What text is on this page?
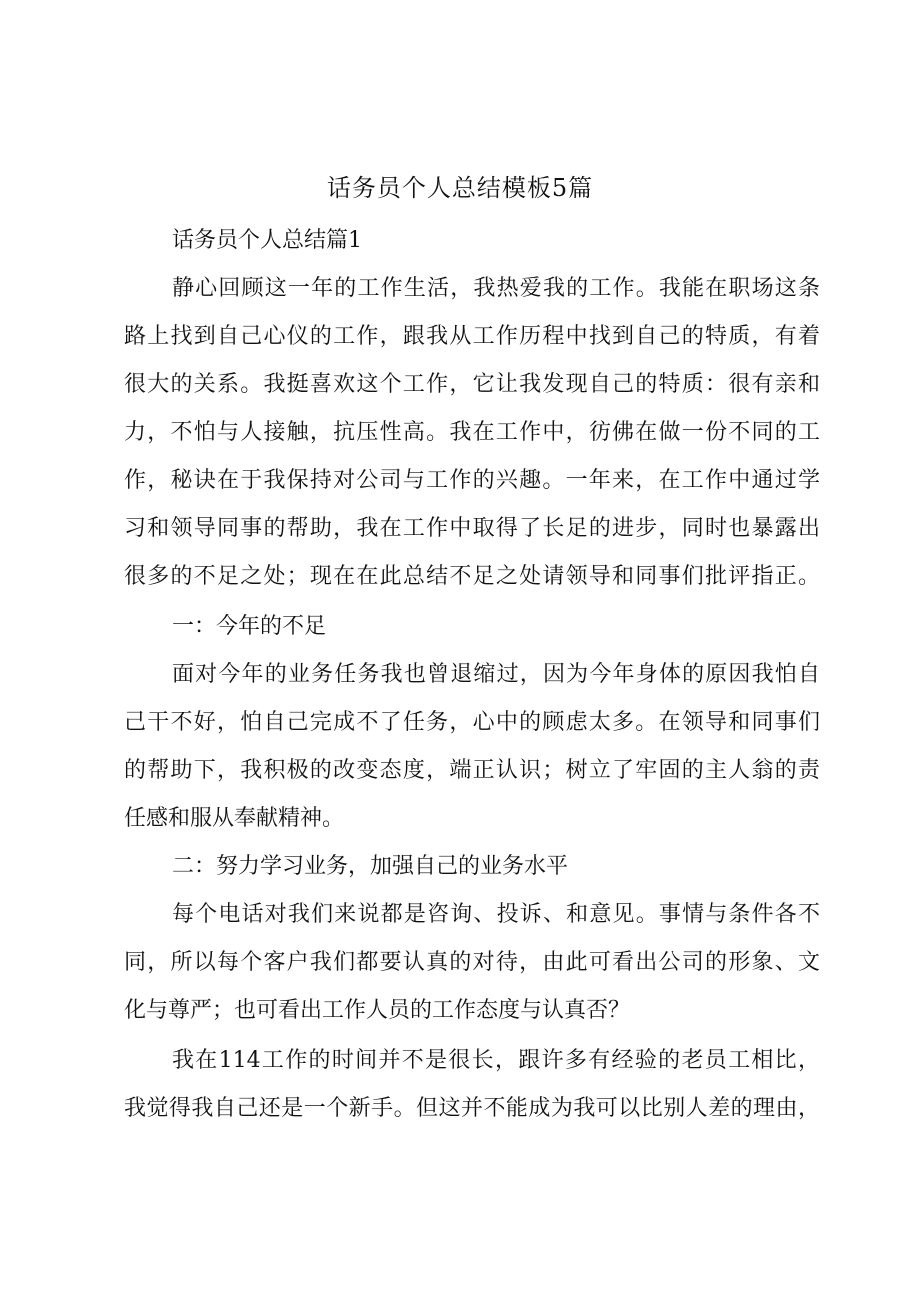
话务员个人总结模板5篇
话务员个人总结篇1
静心回顾这一年的工作生活，我热爱我的工作。我能在职场这条
路上找到自己心仪的工作，跟我从工作历程中找到自己的特质，有着
很大的关系。我挺喜欢这个工作，它让我发现自己的特质：很有亲和
力，不怕与人接触，抗压性高。我在工作中，彷佛在做一份不同的工
作，秘诀在于我保持对公司与工作的兴趣。一年来，在工作中通过学
习和领导同事的帮助，我在工作中取得了长足的进步，同时也暴露出
很多的不足之处；现在在此总结不足之处请领导和同事们批评指正。
一：今年的不足
面对今年的业务任务我也曾退缩过，因为今年身体的原因我怕自
己干不好，怕自己完成不了任务，心中的顾虑太多。在领导和同事们
的帮助下，我积极的改变态度，端正认识；树立了牢固的主人翁的责
任感和服从奉献精神。
二：努力学习业务，加强自己的业务水平
每个电话对我们来说都是咨询、投诉、和意见。事情与条件各不
同，所以每个客户我们都要认真的对待，由此可看出公司的形象、文
化与尊严；也可看出工作人员的工作态度与认真否？
我在114工作的时间并不是很长，跟许多有经验的老员工相比，
我觉得我自己还是一个新手。但这并不能成为我可以比别人差的理由，
